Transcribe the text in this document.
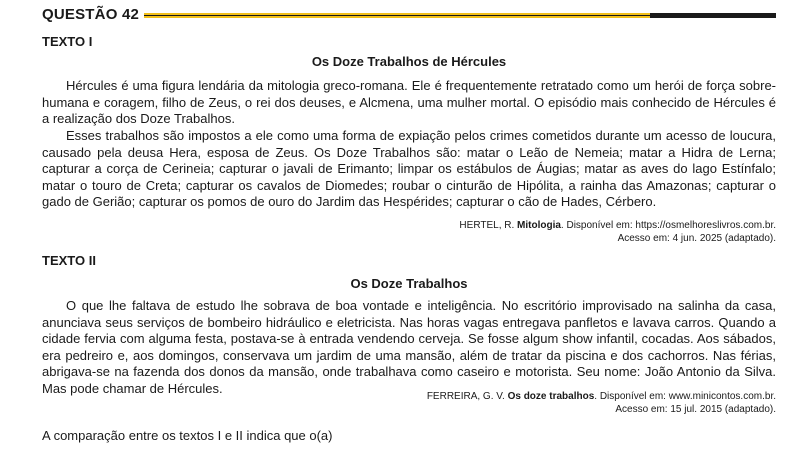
QUESTÃO 42
TEXTO I
Os Doze Trabalhos de Hércules

Hércules é uma figura lendária da mitologia greco-romana. Ele é frequentemente retratado como um herói de força sobre-humana e coragem, filho de Zeus, o rei dos deuses, e Alcmena, uma mulher mortal. O episódio mais conhecido de Hércules é a realização dos Doze Trabalhos.

Esses trabalhos são impostos a ele como uma forma de expiação pelos crimes cometidos durante um acesso de loucura, causado pela deusa Hera, esposa de Zeus. Os Doze Trabalhos são: matar o Leão de Nemeia; matar a Hidra de Lerna; capturar a corça de Cerineia; capturar o javali de Erimanto; limpar os estábulos de Áugias; matar as aves do lago Estínfalo; matar o touro de Creta; capturar os cavalos de Diomedes; roubar o cinturão de Hipólita, a rainha das Amazonas; capturar o gado de Gerião; capturar os pomos de ouro do Jardim das Hespérides; capturar o cão de Hades, Cérbero.

HERTEL, R. Mitologia. Disponível em: https://osmelhoreslivros.com.br.
Acesso em: 4 jun. 2025 (adaptado).
TEXTO II
Os Doze Trabalhos

O que lhe faltava de estudo lhe sobrava de boa vontade e inteligência. No escritório improvisado na salinha da casa, anunciava seus serviços de bombeiro hidráulico e eletricista. Nas horas vagas entregava panfletos e lavava carros. Quando a cidade fervia com alguma festa, postava-se à entrada vendendo cerveja. Se fosse algum show infantil, cocadas. Aos sábados, era pedreiro e, aos domingos, conservava um jardim de uma mansão, além de tratar da piscina e dos cachorros. Nas férias, abrigava-se na fazenda dos donos da mansão, onde trabalhava como caseiro e motorista. Seu nome: João Antonio da Silva. Mas pode chamar de Hércules.

FERREIRA, G. V. Os doze trabalhos. Disponível em: www.minicontos.com.br.
Acesso em: 15 jul. 2015 (adaptado).
A comparação entre os textos I e II indica que o(a)
